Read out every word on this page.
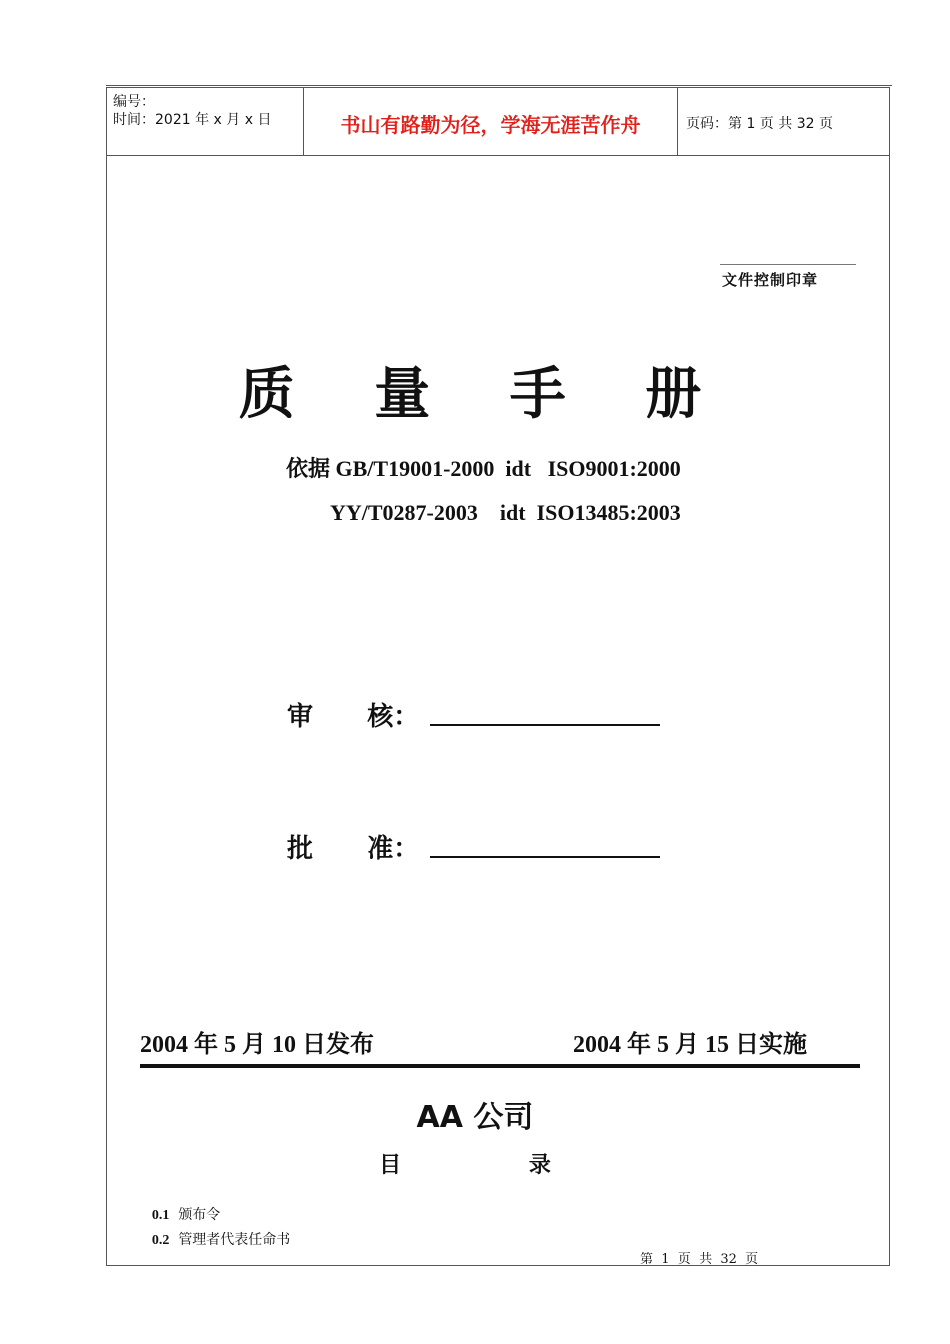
编号：
时间：2021 年 x 月 x 日	书山有路勤为径，学海无涯苦作舟	页码：第 1 页 共 32 页
文件控制印章
质 量 手 册
依据 GB/T19001-2000  idt   ISO9001:2000
YY/T0287-2003    idt  ISO13485:2003
审      核：
批      准：
2004 年 5 月 10 日发布	2004 年 5 月 15 日实施
AA 公司
目 录

0.1 颁布令

0.2 管理者代表任命书

第  1  页  共  32  页
